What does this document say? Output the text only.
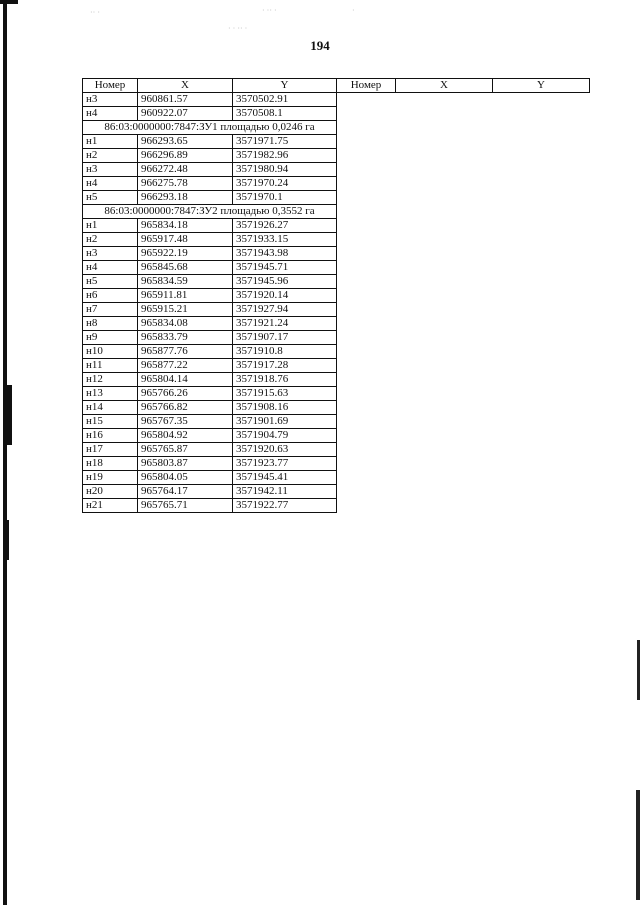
·· ·	· ·· ·
· · ·· ·
·
194
Номер	X	Y	Номер	X	Y
н3	960861.57	3570502.91			
н4	960922.07	3570508.1			
86:03:0000000:7847:ЗУ1 площадью 0,0246 га					
н1	966293.65	3571971.75			
н2	966296.89	3571982.96			
н3	966272.48	3571980.94			
н4	966275.78	3571970.24			
н5	966293.18	3571970.1			
86:03:0000000:7847:ЗУ2 площадью 0,3552 га					
н1	965834.18	3571926.27			
н2	965917.48	3571933.15			
н3	965922.19	3571943.98			
н4	965845.68	3571945.71			
н5	965834.59	3571945.96			
н6	965911.81	3571920.14			
н7	965915.21	3571927.94			
н8	965834.08	3571921.24			
н9	965833.79	3571907.17			
н10	965877.76	3571910.8			
н11	965877.22	3571917.28			
н12	965804.14	3571918.76			
н13	965766.26	3571915.63			
н14	965766.82	3571908.16			
н15	965767.35	3571901.69			
н16	965804.92	3571904.79			
н17	965765.87	3571920.63			
н18	965803.87	3571923.77			
н19	965804.05	3571945.41			
н20	965764.17	3571942.11			
н21	965765.71	3571922.77			
